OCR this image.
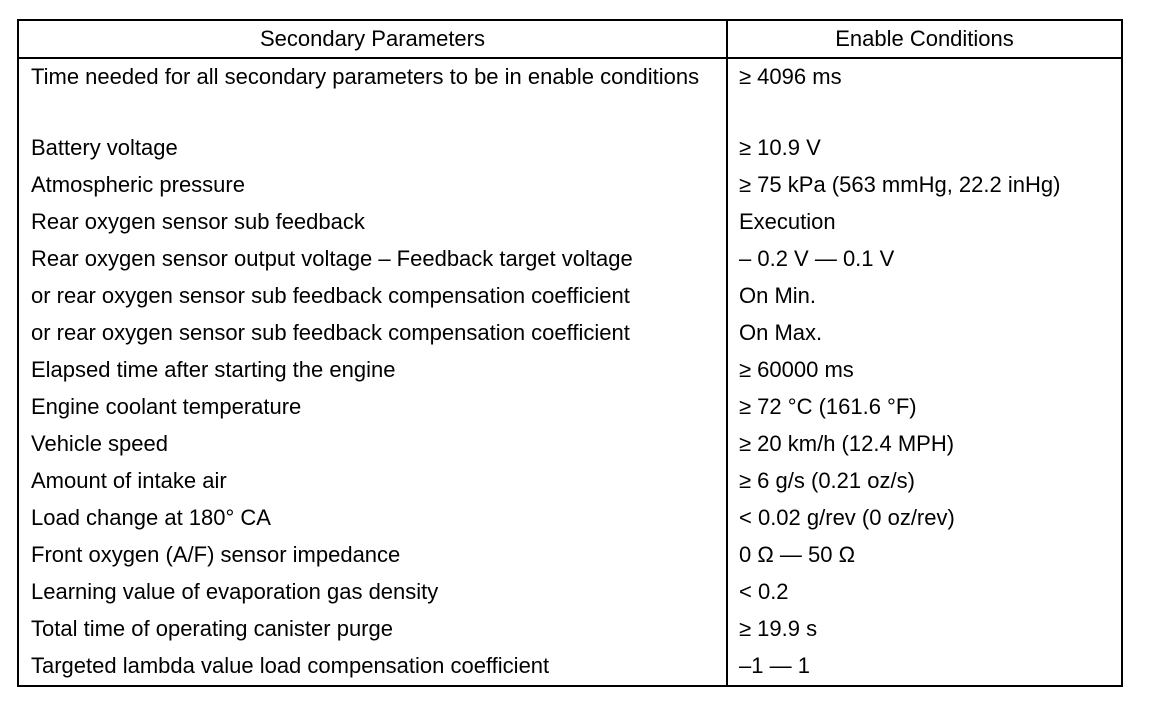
Secondary Parameters	Enable Conditions
Time needed for all secondary parameters to be in enable conditions	≥ 4096 ms
Battery voltage	≥ 10.9 V
Atmospheric pressure	≥ 75 kPa (563 mmHg, 22.2 inHg)
Rear oxygen sensor sub feedback	Execution
Rear oxygen sensor output voltage – Feedback target voltage	– 0.2 V — 0.1 V
or rear oxygen sensor sub feedback compensation coefficient	On Min.
or rear oxygen sensor sub feedback compensation coefficient	On Max.
Elapsed time after starting the engine	≥ 60000 ms
Engine coolant temperature	≥ 72 °C (161.6 °F)
Vehicle speed	≥ 20 km/h (12.4 MPH)
Amount of intake air	≥ 6 g/s (0.21 oz/s)
Load change at 180° CA	< 0.02 g/rev (0 oz/rev)
Front oxygen (A/F) sensor impedance	0 Ω — 50 Ω
Learning value of evaporation gas density	< 0.2
Total time of operating canister purge	≥ 19.9 s
Targeted lambda value load compensation coefficient	–1 — 1
